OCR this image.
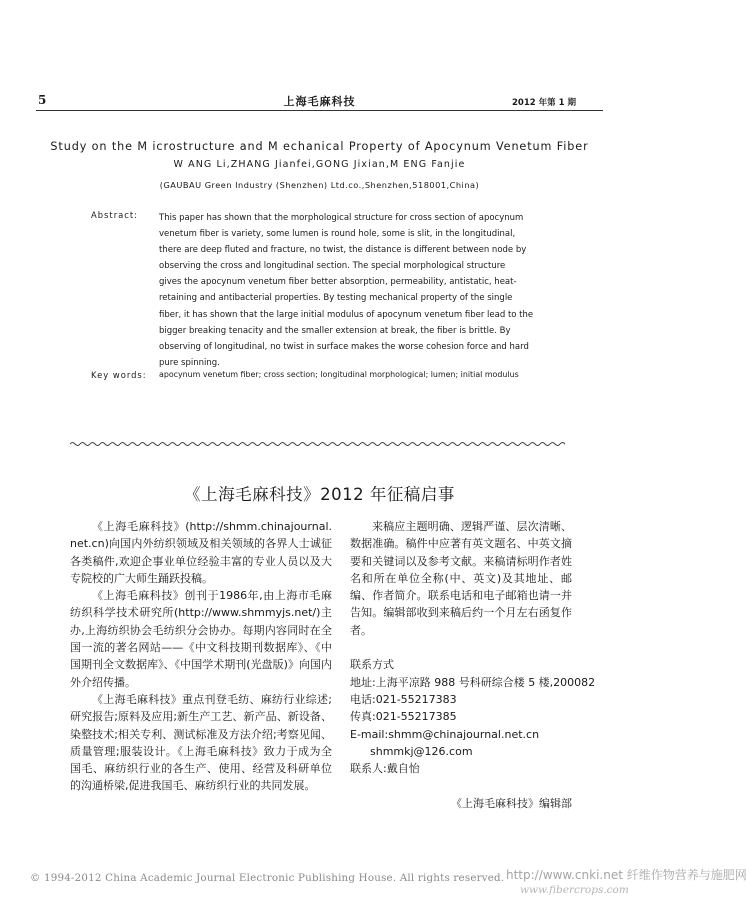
5	上海毛麻科技	2012 年第 1 期
Study on the M icrostructure and M echanical Property of Apocynum Venetum Fiber
W ANG Li,ZHANG Jianfei,GONG Jixian,M ENG Fanjie
(GAUBAU Green Industry (Shenzhen) Ltd.co.,Shenzhen,518001,China)
Abstract: This paper has shown that the morphological structure for cross section of apocynum
venetum fiber is variety, some lumen is round hole, some is slit, in the longitudinal,
there are deep fluted and fracture, no twist, the distance is different between node by
observing the cross and longitudinal section. The special morphological structure
gives the apocynum venetum fiber better absorption, permeability, antistatic, heat-
retaining and antibacterial properties. By testing mechanical property of the single
fiber, it has shown that the large initial modulus of apocynum venetum fiber lead to the
bigger breaking tenacity and the smaller extension at break, the fiber is brittle. By
observing of longitudinal, no twist in surface makes the worse cohesion force and hard
pure spinning.
Key words: apocynum venetum fiber; cross section; longitudinal morphological; lumen; initial modulus
《上海毛麻科技》2012 年征稿启事

《上海毛麻科技》(http://shmm.chinajournal.net.cn)向国内外纺织领域及相关领域的各界人士诚征各类稿件,欢迎企事业单位经验丰富的专业人员以及大专院校的广大师生踊跃投稿。

《上海毛麻科技》创刊于1986年,由上海市毛麻纺织科学技术研究所(http://www.shmmyjs.net/)主办,上海纺织协会毛纺织分会协办。每期内容同时在全国一流的著名网站——《中文科技期刊数据库》、《中国期刊全文数据库》、《中国学术期刊(光盘版)》向国内外介绍传播。

《上海毛麻科技》重点刊登毛纺、麻纺行业综述;研究报告;原料及应用;新生产工艺、新产品、新设备、染整技术;相关专利、测试标准及方法介绍;考察见闻、质量管理;服装设计。《上海毛麻科技》致力于成为全国毛、麻纺织行业的各生产、使用、经营及科研单位的沟通桥梁,促进我国毛、麻纺织行业的共同发展。

来稿应主题明确、逻辑严谨、层次清晰、数据准确。稿件中应著有英文题名、中英文摘要和关键词以及参考文献。来稿请标明作者姓名和所在单位全称(中、英文)及其地址、邮编、作者简介。联系电话和电子邮箱也请一并告知。编辑部收到来稿后约一个月左右函复作者。

联系方式
地址:上海平凉路 988 号科研综合楼 5 楼,200082
电话:021-55217383
传真:021-55217385
E-mail:shmm@chinajournal.net.cn
shmmkj@126.com
联系人:戴自怡
《上海毛麻科技》编辑部
© 1994-2012 China Academic Journal Electronic Publishing House. All rights reserved. http://www.cnki.net 纤维作物营养与施肥网
www.fibercrops.com
